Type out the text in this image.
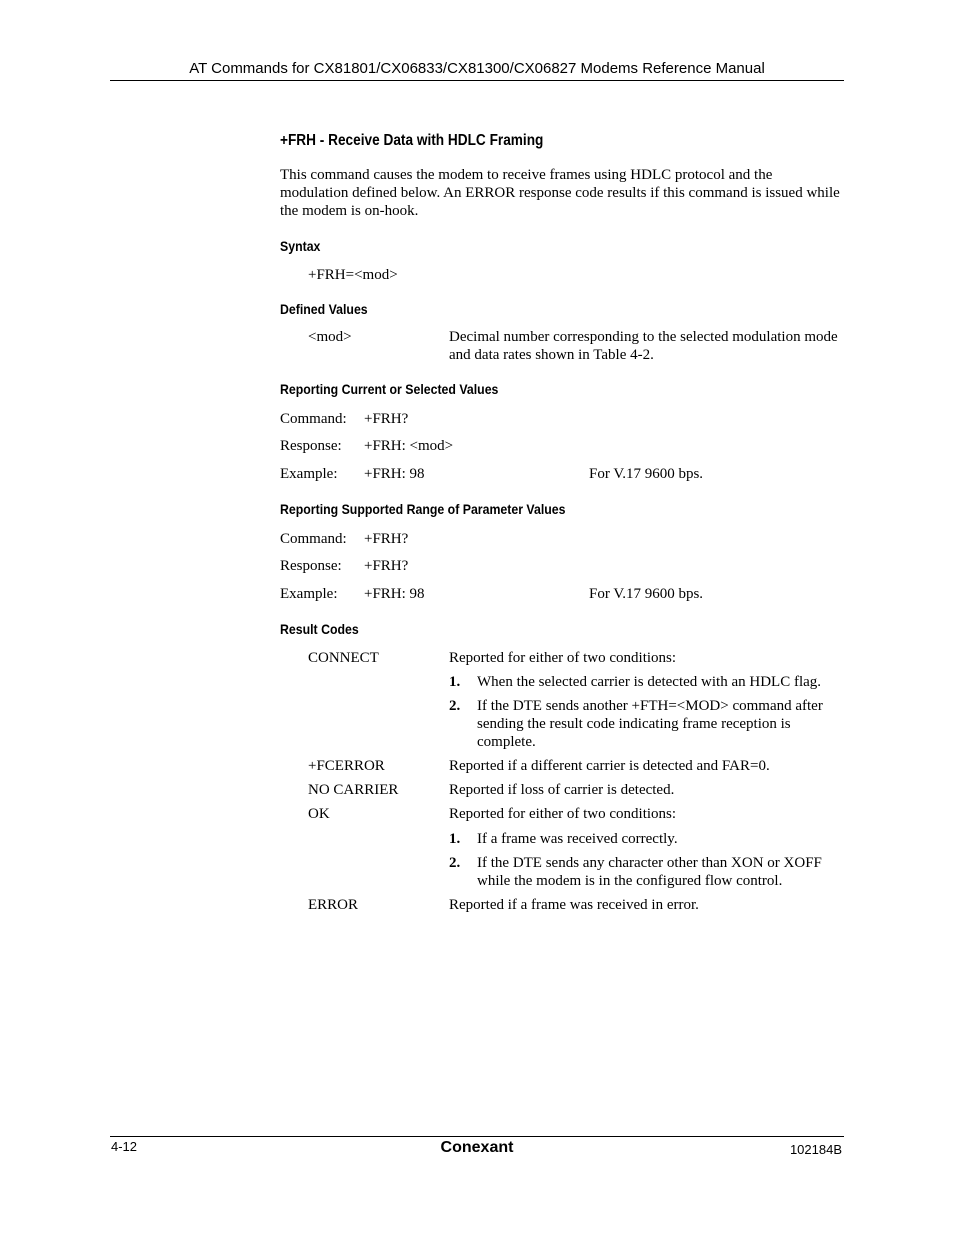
AT Commands for CX81801/CX06833/CX81300/CX06827 Modems Reference Manual
+FRH - Receive Data with HDLC Framing
This command causes the modem to receive frames using HDLC protocol and the modulation defined below. An ERROR response code results if this command is issued while the modem is on-hook.
Syntax
+FRH=<mod>
Defined Values
<mod>	Decimal number corresponding to the selected modulation mode and data rates shown in Table 4-2.
Reporting Current or Selected Values
Command: +FRH?
Response: +FRH: <mod>
Example: +FRH: 98	For V.17 9600 bps.
Reporting Supported Range of Parameter Values
Command: +FRH?
Response: +FRH?
Example: +FRH: 98	For V.17 9600 bps.
Result Codes
CONNECT	Reported for either of two conditions:
1. When the selected carrier is detected with an HDLC flag.
2. If the DTE sends another +FTH=<MOD> command after sending the result code indicating frame reception is complete.
+FCERROR	Reported if a different carrier is detected and FAR=0.
NO CARRIER	Reported if loss of carrier is detected.
OK	Reported for either of two conditions:
1. If a frame was received correctly.
2. If the DTE sends any character other than XON or XOFF while the modem is in the configured flow control.
ERROR	Reported if a frame was received in error.
4-12	Conexant	102184B
